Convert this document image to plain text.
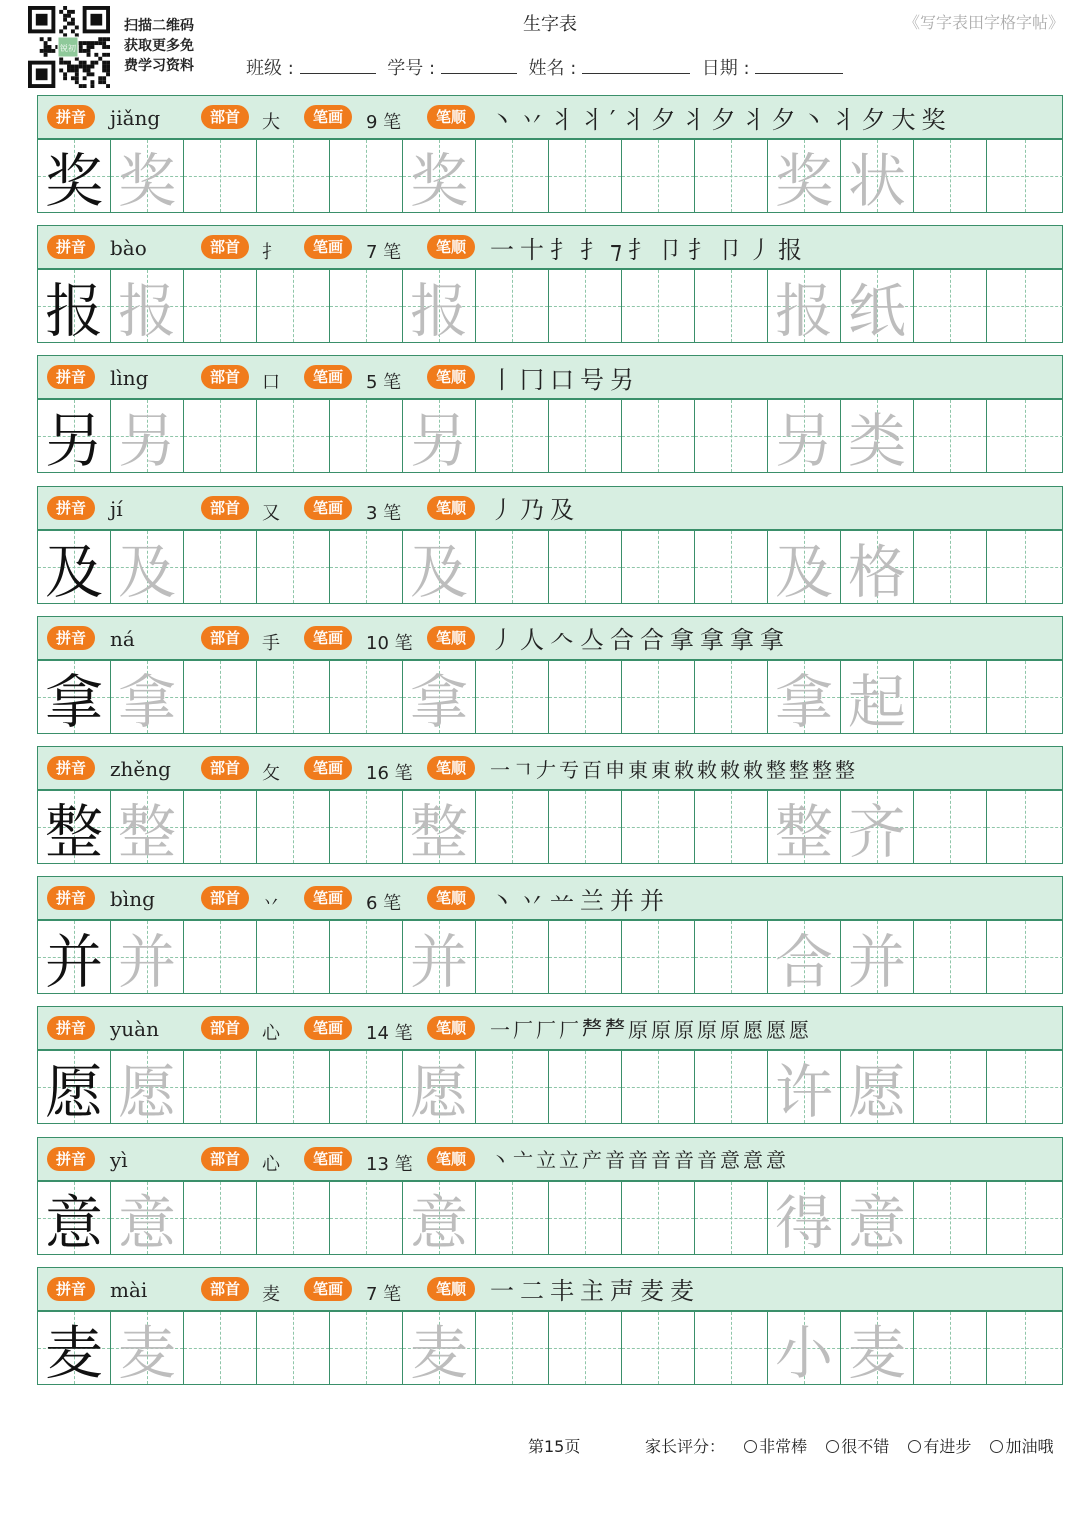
锐初
扫描二维码
获取更多免
费学习资料
生字表	《写字表田字格字帖》
班级 :	学号 :	姓名 :	日期 :
拼音	部首	笔画	笔顺
jiǎng	大	9 笔	丶 丷 丬 丬′ 丬夕 丬夕 丬夕丶 丬夕大 奖
奖 奖	奖	奖 状
拼音	部首	笔画	笔顺
bào	扌	7 笔	一 十 扌 扌⁊ 扌卩 扌卩丿 报
报 报	报	报 纸
拼音	部首	笔画	笔顺
lìng	口	5 笔	丨 冂 口 号 另
另 另	另	另 类
拼音	部首	笔画	笔顺
jí	又	3 笔	丿 乃 及
及 及	及	及 格
拼音	部首	笔画	笔顺
ná	手	10 笔	丿 人 𠆢 亼 合 合 拿 拿 拿 拿
拿 拿	拿	拿 起
拼音	部首	笔画	笔顺
zhěng	攵	16 笔	一 𠃍 𠂇 亐 百 申 東 東 敕 敕 敕 敕 整 整 整 整
整 整	整	整 齐
拼音	部首	笔画	笔顺
bìng	丷	6 笔	丶 丷 䒑 兰 并 并
并 并	并	合 并
拼音	部首	笔画	笔顺
yuàn	心	14 笔	一 厂 厂 厂 𠩺 𠩺 原 原 原 原 原 愿 愿 愿
愿 愿	愿	许 愿
拼音	部首	笔画	笔顺
yì	心	13 笔	丶 亠 立 立 产 音 音 音 音 音 意 意 意
意 意	意	得 意
拼音	部首	笔画	笔顺
mài	麦	7 笔	一 二 丰 主 声 麦 麦
麦 麦	麦	小 麦
第15页	家长评分： 非常棒 很不错 有进步 加油哦
